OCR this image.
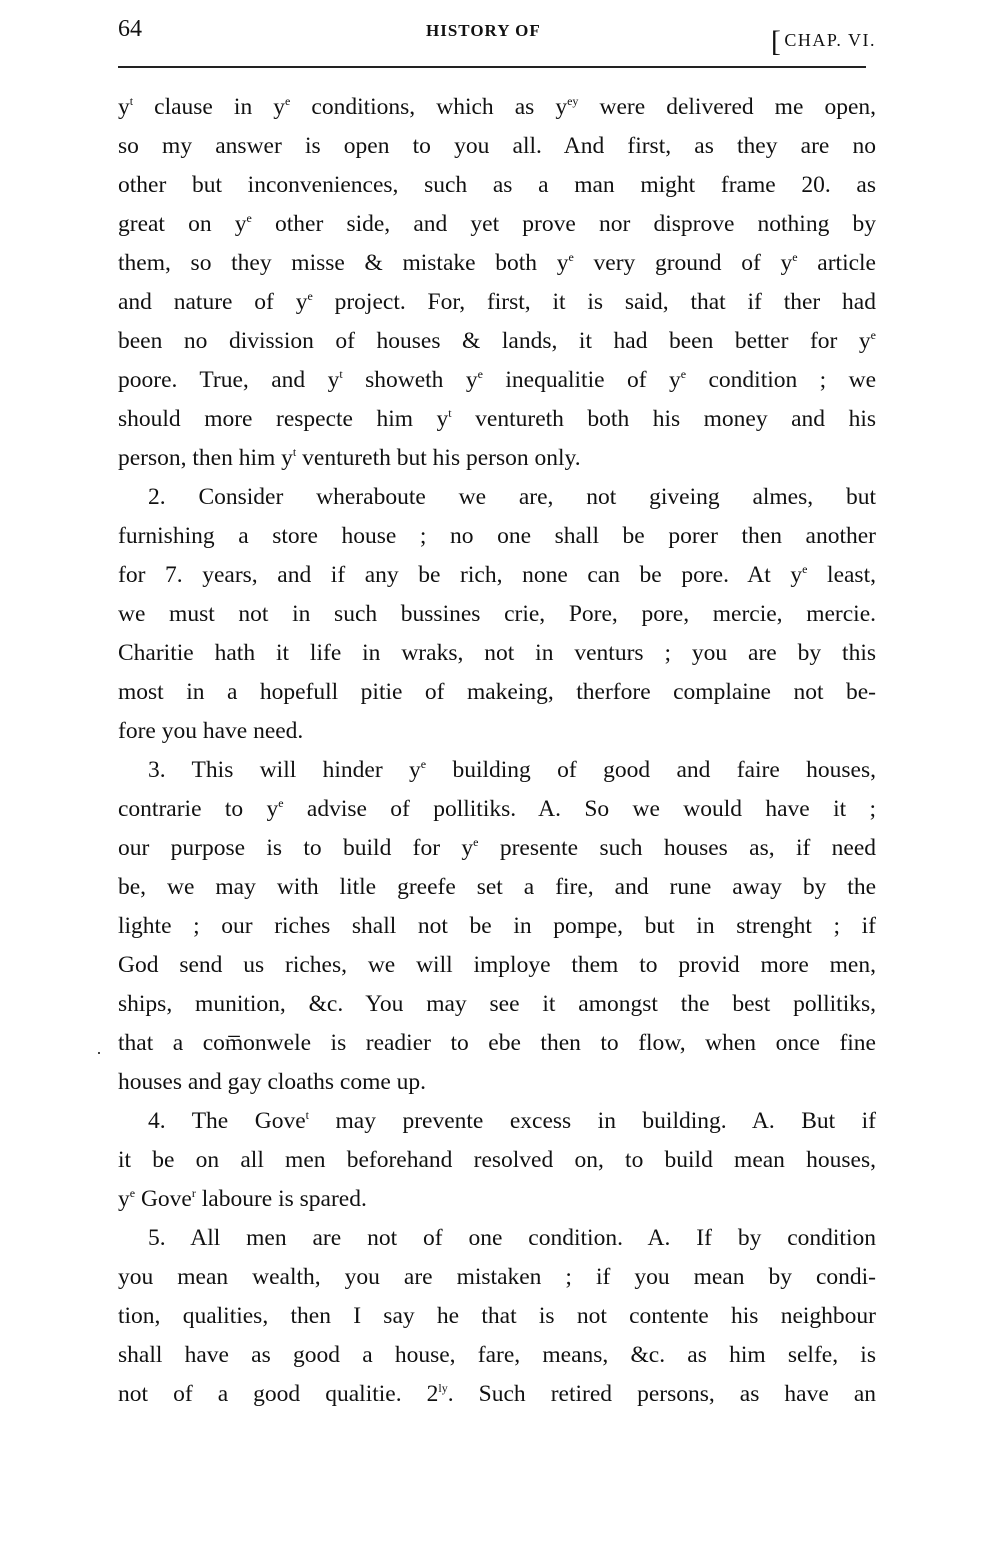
64	HISTORY OF	[ CHAP. VI.
$y^t$ clause in $y^e$ conditions, which as $y^{ey}$ were delivered me open,
so my answer is open to you all. And first, as they are no
other but inconveniences, such as a man might frame 20. as
great on $y^e$ other side, and yet prove nor disprove nothing by
them, so they misse & mistake both $y^e$ very ground of $y^e$ article
and nature of $y^e$ project. For, first, it is said, that if ther had
been no divission of houses & lands, it had been better for $y^e$
poore. True, and $y^t$ showeth $y^e$ inequalitie of $y^e$ condition ; we
should more respecte him $y^t$ ventureth both his money and his
person, then him $y^t$ ventureth but his person only.
2. Consider wheraboute we are, not giveing almes, but
furnishing a store house ; no one shall be porer then another
for 7. years, and if any be rich, none can be pore. At $y^e$ least,
we must not in such bussines crie, Pore, pore, mercie, mercie.
Charitie hath it life in wraks, not in venturs ; you are by this
most in a hopefull pitie of makeing, therfore complaine not be-
fore you have need.
3. This will hinder $y^e$ building of good and faire houses,
contrarie to $y^e$ advise of pollitiks. A. So we would have it ;
our purpose is to build for $y^e$ presente such houses as, if need
be, we may with litle greefe set a fire, and rune away by the
lighte ; our riches shall not be in pompe, but in strenght ; if
God send us riches, we will imploye them to provid more men,
ships, munition, &c. You may see it amongst the best pollitiks,
that a com̅onwele is readier to ebe then to flow, when once fine
houses and gay cloaths come up.
4. The Gove$^t$ may prevente excess in building. A. But if
it be on all men beforehand resolved on, to build mean houses,
$y^e$ Gove$^r$ laboure is spared.
5. All men are not of one condition. A. If by condition
you mean wealth, you are mistaken ; if you mean by condi-
tion, qualities, then I say he that is not contente his neighbour
shall have as good a house, fare, means, &c. as him selfe, is
not of a good qualitie. $2^{ly}$. Such retired persons, as have an
